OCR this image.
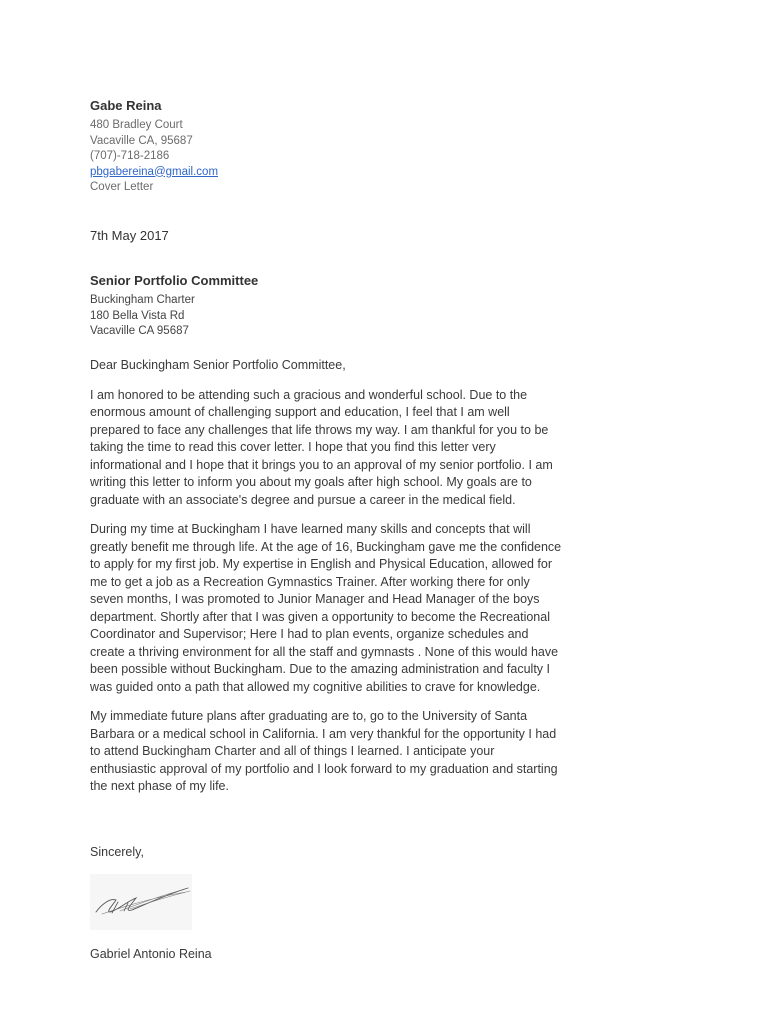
Gabe Reina
480 Bradley Court
Vacaville CA, 95687
(707)-718-2186
pbgabereina@gmail.com
Cover Letter
7th May 2017
Senior Portfolio Committee
Buckingham Charter
180 Bella Vista Rd
Vacaville CA 95687

Dear Buckingham Senior Portfolio Committee,

I am honored to be attending such a gracious and wonderful school. Due to the enormous amount of challenging support and education, I feel that I am well prepared to face any challenges that life throws my way. I am thankful for you to be taking the time to read this cover letter. I hope that you find this letter very informational and I hope that it brings you to an approval of my senior portfolio. I am writing this letter to inform you about my goals after high school. My goals are to graduate with an associate's degree and pursue a career in the medical field.

During my time at Buckingham I have learned many skills and concepts that will greatly benefit me through life. At the age of 16, Buckingham gave me the confidence to apply for my first job. My expertise in English and Physical Education, allowed for me to get a job as a Recreation Gymnastics Trainer. After working there for only seven months, I was promoted to Junior Manager and Head Manager of the boys department. Shortly after that I was given a opportunity to become the Recreational Coordinator and Supervisor; Here I had to plan events, organize schedules and create a thriving environment for all the staff and gymnasts . None of this would have been possible without Buckingham. Due to the amazing administration and faculty I was guided onto a path that allowed my cognitive abilities to crave for knowledge.

My immediate future plans after graduating are to, go to the University of Santa Barbara or a medical school in California. I am very thankful for the opportunity I had to attend Buckingham Charter and all of things I learned. I anticipate your enthusiastic approval of my portfolio and I look forward to my graduation and starting the next phase of my life.

Sincerely,
Gabriel Antonio Reina
